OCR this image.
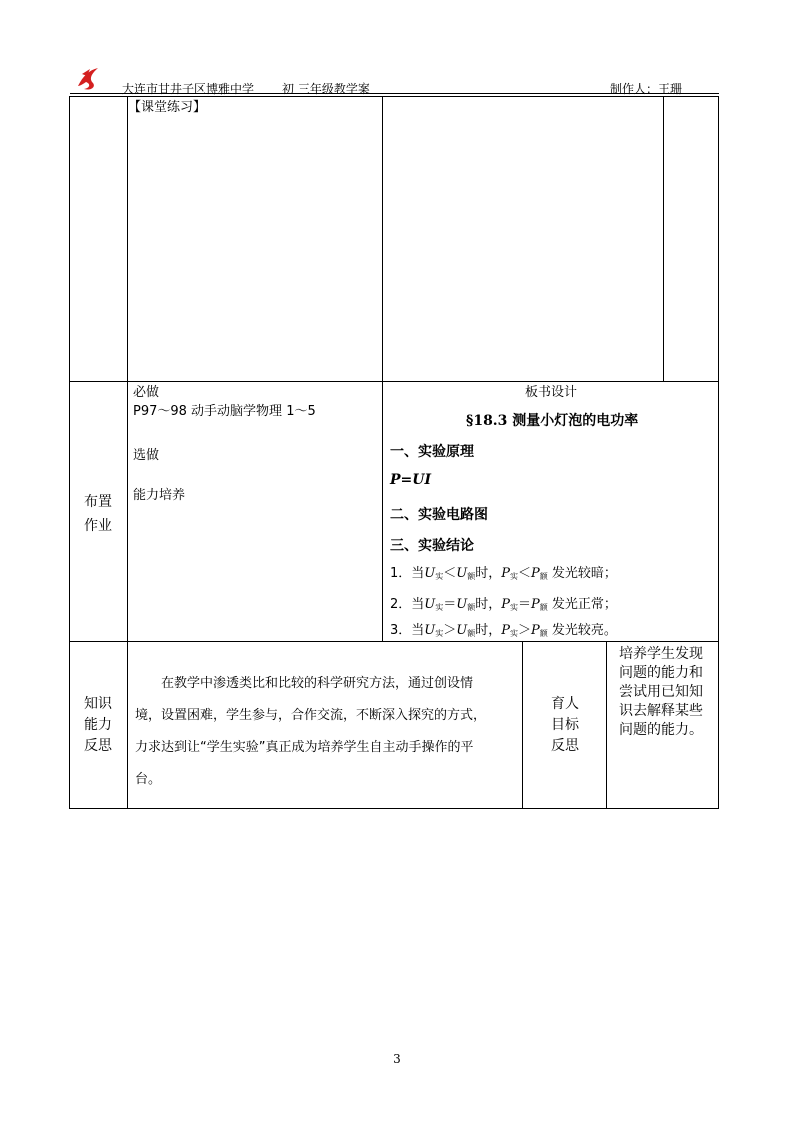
大连市甘井子区博雅中学 初 三年级教学案	制作人：王珊
【课堂练习】
布置
作业
必做
P97～98 动手动脑学物理 1～5
选做
能力培养
板书设计
§18.3 测量小灯泡的电功率
一、实验原理
P=UI
二、实验电路图
三、实验结论
1．当$U_实<U_额$时，$P_实<P_额$ 发光较暗；
2．当$U_实=U_额$时，$P_实=P_额$ 发光正常；
3．当$U_实>U_额$时，$P_实>P_额$ 发光较亮。
知识
能力
反思
在教学中渗透类比和比较的科学研究方法，通过创设情
境，设置困难，学生参与，合作交流，不断深入探究的方式，
力求达到让“学生实验”真正成为培养学生自主动手操作的平
台。
育人
目标
反思
培养学生发现
问题的能力和
尝试用已知知
识去解释某些
问题的能力。
3
